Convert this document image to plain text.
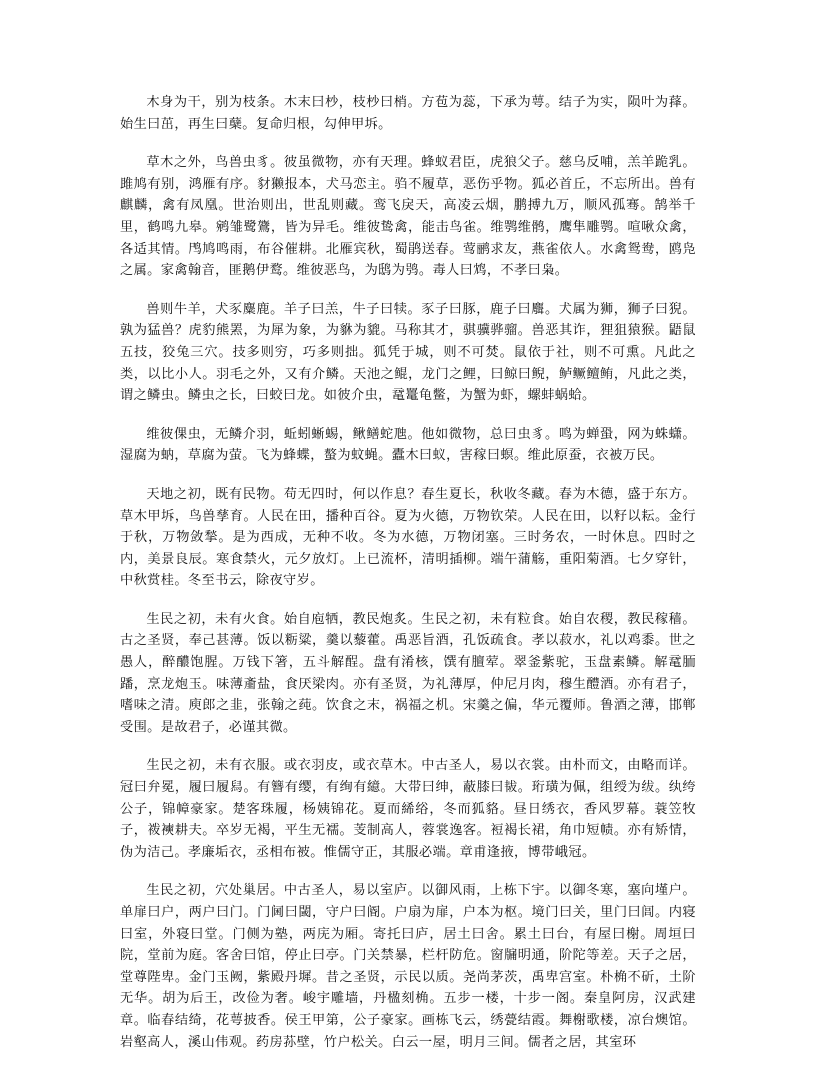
木身为干，别为枝条。木末曰杪，枝杪曰梢。方苞为蕊，下承为萼。结子为实，陨叶为萚。始生曰茁，再生曰蘖。复命归根，勾伸甲坼。

草木之外，鸟兽虫豸。彼虽微物，亦有天理。蜂蚁君臣，虎狼父子。慈乌反哺，羔羊跪乳。雎鸠有别，鸿雁有序。豺獭报本，犬马恋主。驺不履草，恶伤乎物。狐必首丘，不忘所出。兽有麒麟，禽有凤凰。世治则出，世乱则藏。鸾飞戾天，高凌云烟，鹏搏九万，顺风孤骞。鹄举千里，鹤鸣九皋。鹓雏鹭鷟，皆为异毛。维彼鸷禽，能击鸟雀。维鹗维鹘，鹰隼雕鹗。喧啾众禽，各适其情。鸤鸠鸣雨，布谷催耕。北雁宾秋，蜀鹃送春。莺鹂求友，燕雀依人。水禽鸳鸯，鸥凫之属。家禽翰音，匪鹅伊鹜。维彼恶鸟，为鸱为鸮。毒人曰鸩，不孝曰枭。

兽则牛羊，犬豕麋鹿。羊子曰羔，牛子曰犊。豕子曰豚，鹿子曰麛。犬属为狮，狮子曰猊。孰为猛兽？虎豹熊罴，为犀为象，为貅为貔。马称其才，骐骥骅骝。兽恶其诈，狸狙猿猴。鼯鼠五技，狡兔三穴。技多则穷，巧多则拙。狐凭于城，则不可焚。鼠依于社，则不可熏。凡此之类，以比小人。羽毛之外，又有介鳞。天池之鲲，龙门之鲤，曰鲸曰鲵，鲈鳜鳣鲔，凡此之类，谓之鳞虫。鳞虫之长，曰蛟曰龙。如彼介虫，鼋鼍龟鳖，为蟹为虾，螺蚌蜗蛤。

维彼倮虫，无鳞介羽，蚯蚓蜥蜴，鳅鳝蛇虺。他如微物，总曰虫豸。鸣为蝉蛩，网为蛛蟏。湿腐为蚋，草腐为萤。飞为蜂蝶，螯为蚊蝇。蠹木曰蚁，害稼曰螟。维此原蚕，衣被万民。

天地之初，既有民物。苟无四时，何以作息？春生夏长，秋收冬藏。春为木德，盛于东方。草木甲坼，鸟兽孳育。人民在田，播种百谷。夏为火德，万物钦荣。人民在田，以籽以耘。金行于秋，万物敛揫。是为西成，无种不收。冬为水德，万物闭塞。三时务农，一时休息。四时之内，美景良辰。寒食禁火，元夕放灯。上已流杯，清明插柳。端午蒲觞，重阳菊酒。七夕穿针，中秋赏桂。冬至书云，除夜守岁。

生民之初，未有火食。始自庖牺，教民炮炙。生民之初，未有粒食。始自农稷，教民稼穑。古之圣贤，奉己甚薄。饭以粝粱，羹以藜藿。禹恶旨酒，孔饭疏食。孝以菽水，礼以鸡黍。世之愚人，醉醲饱腥。万钱下箸，五斗解酲。盘有淆核，馔有膻荤。翠釜紫驼，玉盘素鳞。解鼋胹蹯，烹龙炮玉。味薄齑盐，食厌梁肉。亦有圣贤，为礼薄厚，仲尼月肉，穆生醴酒。亦有君子，嗜味之清。庾郎之韭，张翰之莼。饮食之末，祸福之机。宋羹之偏，华元覆师。鲁酒之薄，邯郸受围。是故君子，必谨其微。

生民之初，未有衣服。或衣羽皮，或衣草木。中古圣人，易以衣裳。由朴而文，由略而详。冠曰弁冕，履曰履舄。有簪有缨，有绚有繶。大带曰绅，蔽膝曰韨。珩璜为佩，组绶为绂。纨绔公子，锦幛豪家。楚客珠履，杨姨锦花。夏而絺绤，冬而狐貉。昼日绣衣，香风罗幕。蓑笠牧子，袯襫耕夫。卒岁无褐，平生无襦。芰制高人，蓉裳逸客。裋褐长裙，角巾短帻。亦有矫情，伪为洁己。孝廉垢衣，丞相布被。惟儒守正，其服必端。章甫逢掖，博带峨冠。

生民之初，穴处巢居。中古圣人，易以室庐。以御风雨，上栋下宇。以御冬寒，塞向墐户。单扉曰户，两户曰门。门阃曰閾，守户曰阍。户扇为扉，户本为枢。境门曰关，里门曰闾。内寝曰室，外寝曰堂。门侧为塾，两庑为厢。寄托曰庐，居土曰舍。累土曰台，有屋曰榭。周垣曰院，堂前为庭。客舍曰馆，停止曰亭。门关禁暴，栏杆防危。窗牖明通，阶陀等差。天子之居，堂尊陛卑。金门玉阙，紫殿丹墀。昔之圣贤，示民以质。尧尚茅茨，禹卑宫室。朴桷不斫，土阶无华。胡为后王，改俭为奢。峻宇雕墙，丹楹刻桷。五步一楼，十步一阁。秦皇阿房，汉武建章。临春结绮，花萼披香。侯王甲第，公子豪家。画栋飞云，绣甍结霞。舞榭歌楼，凉台燠馆。岩壑高人，溪山伟观。药房荪壁，竹户松关。白云一屋，明月三间。儒者之居，其室环
